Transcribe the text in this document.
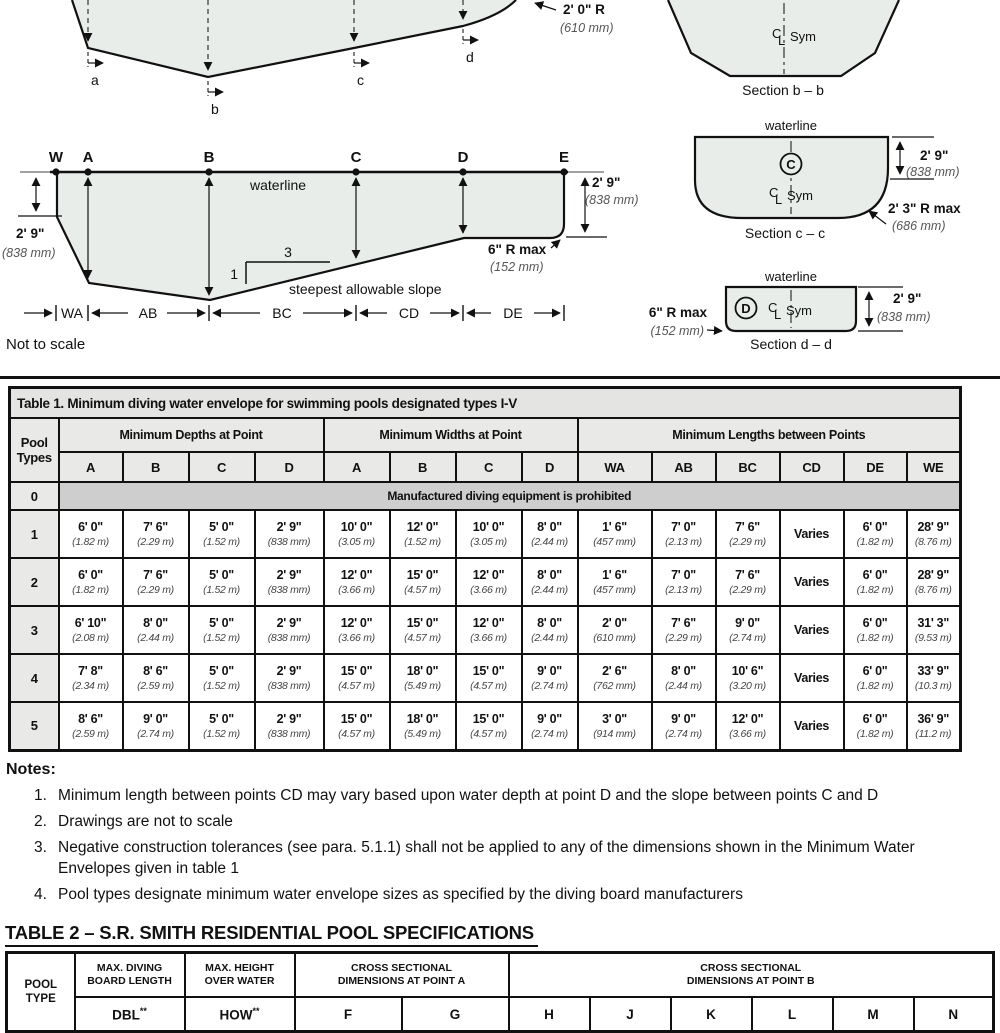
a
b
c
d
2' 0" R
(610 mm)	C
L Sym
Section b – b
waterline
W A	B	C	D	E
2' 9"
(838 mm)
2' 9"
(838 mm)
6" R max
(152 mm)
3
1
steepest allowable slope
WA	AB	BC	CD	DE
Not to scale
waterline
C
C
L Sym
2' 9"
(838 mm)
2' 3" R max
(686 mm)
Section c – c
waterline
D C
L Sym
6" R max
(152 mm)
2' 9"
(838 mm)
Section d – d
Table 1. Minimum diving water envelope for swimming pools designated types I-V														
Pool
Types	Minimum Depths at Point				Minimum Widths at Point				Minimum Lengths between Points					
	A	B	C	D	A	B	C	D	WA	AB	BC	CD	DE	WE
0	Manufactured diving equipment is prohibited													
1	6' 0"
(1.82 m)

7' 6"
(2.29 m)

5' 0"
(1.52 m)

2' 9"
(838 mm)

10' 0"
(3.05 m)

12' 0"
(1.52 m)

10' 0"
(3.05 m)

8' 0"
(2.44 m)

1' 6"
(457 mm)

7' 0"
(2.13 m)

7' 6"
(2.29 m)

Varies	6' 0"
(1.82 m)

28' 9"
(8.76 m)

2	6' 0"
(1.82 m)

7' 6"
(2.29 m)

5' 0"
(1.52 m)

2' 9"
(838 mm)

12' 0"
(3.66 m)

15' 0"
(4.57 m)

12' 0"
(3.66 m)

8' 0"
(2.44 m)

1' 6"
(457 mm)

7' 0"
(2.13 m)

7' 6"
(2.29 m)

Varies	6' 0"
(1.82 m)

28' 9"
(8.76 m)

3	6' 10"
(2.08 m)

8' 0"
(2.44 m)

5' 0"
(1.52 m)

2' 9"
(838 mm)

12' 0"
(3.66 m)

15' 0"
(4.57 m)

12' 0"
(3.66 m)

8' 0"
(2.44 m)

2' 0"
(610 mm)

7' 6"
(2.29 m)

9' 0"
(2.74 m)

Varies	6' 0"
(1.82 m)

31' 3"
(9.53 m)

4	7' 8"
(2.34 m)

8' 6"
(2.59 m)

5' 0"
(1.52 m)

2' 9"
(838 mm)

15' 0"
(4.57 m)

18' 0"
(5.49 m)

15' 0"
(4.57 m)

9' 0"
(2.74 m)

2' 6"
(762 mm)

8' 0"
(2.44 m)

10' 6"
(3.20 m)

Varies	6' 0"
(1.82 m)

33' 9"
(10.3 m)

5	8' 6"
(2.59 m)

9' 0"
(2.74 m)

5' 0"
(1.52 m)

2' 9"
(838 mm)

15' 0"
(4.57 m)

18' 0"
(5.49 m)

15' 0"
(4.57 m)

9' 0"
(2.74 m)

3' 0"
(914 mm)

9' 0"
(2.74 m)

12' 0"
(3.66 m)

Varies	6' 0"
(1.82 m)

36' 9"
(11.2 m)
Notes:
1. Minimum length between points CD may vary based upon water depth at point D and the slope between points C and D
2. Drawings are not to scale
3. Negative construction tolerances (see para. 5.1.1) shall not be applied to any of the dimensions shown in the Minimum Water Envelopes given in table 1
4. Pool types designate minimum water envelope sizes as specified by the diving board manufacturers
TABLE 2 – S.R. SMITH RESIDENTIAL POOL SPECIFICATIONS
POOL
TYPE	MAX. DIVING
BOARD LENGTH	MAX. HEIGHT
OVER WATER	CROSS SECTIONAL
DIMENSIONS AT POINT A		CROSS SECTIONAL
DIMENSIONS AT POINT B					
	DBL**	HOW**	F	G	H	J	K	L	M	N
